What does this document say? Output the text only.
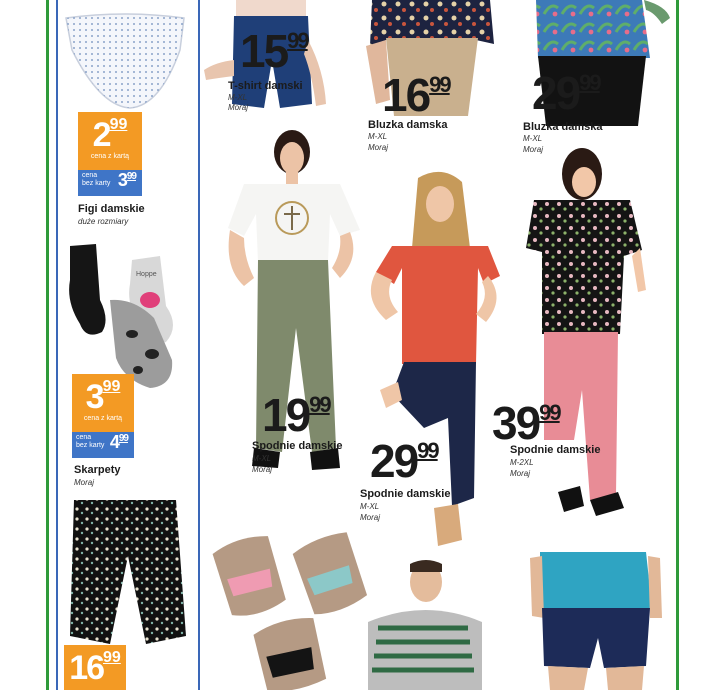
299
cena z kartą
cena
bez karty $3^{99}$
Figi damskie
duże rozmiary
Hoppe
399
cena z kartą
cena
bez karty $4^{99}$
Skarpety
Moraj
1699
1599
T-shirt damski
M-XL
Moraj	1699
Bluzka damska
M-XL
Moraj
2999
Bluzka damska
M-XL
Moraj
1999
Spodnie damskie
M-XL
Moraj 2999
Spodnie damskie
M-XL
Moraj
3999
Spodnie damskie
M-2XL
Moraj
